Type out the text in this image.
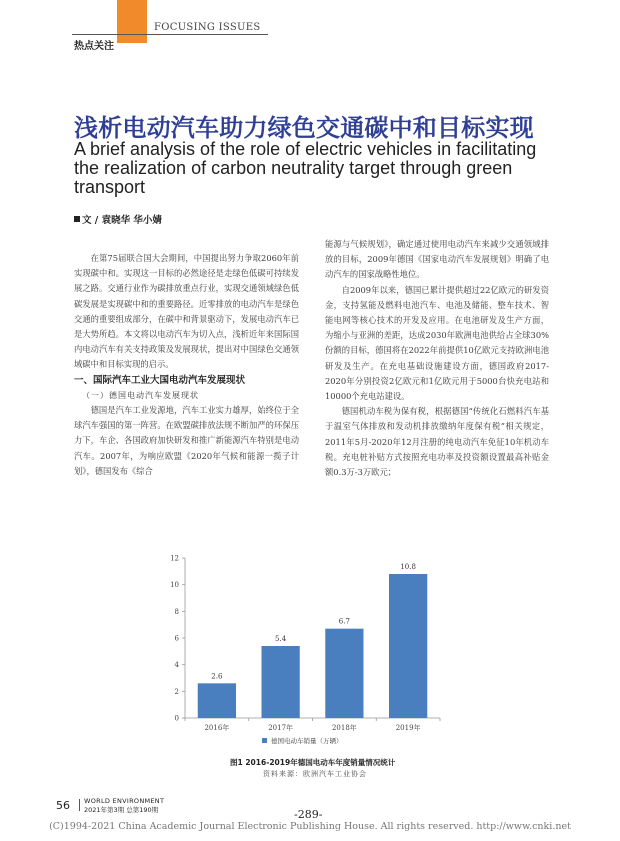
FOCUSING ISSUES
热点关注
浅析电动汽车助力绿色交通碳中和目标实现
A brief analysis of the role of electric vehicles in facilitating the realization of carbon neutrality target through green transport
文 / 袁晓华 华小婧

在第75届联合国大会期间，中国提出努力争取2060年前实现碳中和。实现这一目标的必然途径是走绿色低碳可持续发展之路。交通行业作为碳排放重点行业，实现交通领域绿色低碳发展是实现碳中和的重要路径。近零排放的电动汽车是绿色交通的重要组成部分，在碳中和背景驱动下，发展电动汽车已是大势所趋。本文将以电动汽车为切入点，浅析近年来国际国内电动汽车有关支持政策及发展现状，提出对中国绿色交通领域碳中和目标实现的启示。

一、国际汽车工业大国电动汽车发展现状

（一）德国电动汽车发展现状

德国是汽车工业发源地，汽车工业实力雄厚，始终位于全球汽车强国的第一阵营。在欧盟碳排放法规不断加严的环保压力下，车企、各国政府加快研发和推广新能源汽车特别是电动汽车。2007年，为响应欧盟《2020年气候和能源一揽子计划》，德国发布《综合

能源与气候规划》，确定通过使用电动汽车来减少交通领域排放的目标，2009年德国《国家电动汽车发展规划》明确了电动汽车的国家战略性地位。

自2009年以来，德国已累计提供超过22亿欧元的研发资金，支持氢能及燃料电池汽车、电池及储能、整车技术、智能电网等核心技术的开发及应用。在电池研发及生产方面，为缩小与亚洲的差距，达成2030年欧洲电池供给占全球30%份额的目标，德国将在2022年前提供10亿欧元支持欧洲电池研发及生产。在充电基础设施建设方面，德国政府2017-2020年分别投资2亿欧元和1亿欧元用于5000台快充电站和10000个充电站建设。

德国机动车税为保有税，根据德国“传统化石燃料汽车基于温室气体排放和发动机排放缴纳年度保有税”相关规定，2011年5月-2020年12月注册的纯电动汽车免征10年机动车税。充电桩补贴方式按照充电功率及投资额设置最高补贴金额0.3万-3万欧元；

0
2
4
6
8
10
12
2.6
2016年
5.4
2017年
6.7
2018年
10.8
2019年
德国电动车销量（万辆）
图1 2016-2019年德国电动车年度销量情况统计
资料来源：欧洲汽车工业协会
56 WORLD ENVIRONMENT
2021年第3期 总第190期	-289-
(C)1994-2021 China Academic Journal Electronic Publishing House. All rights reserved. http://www.cnki.net
